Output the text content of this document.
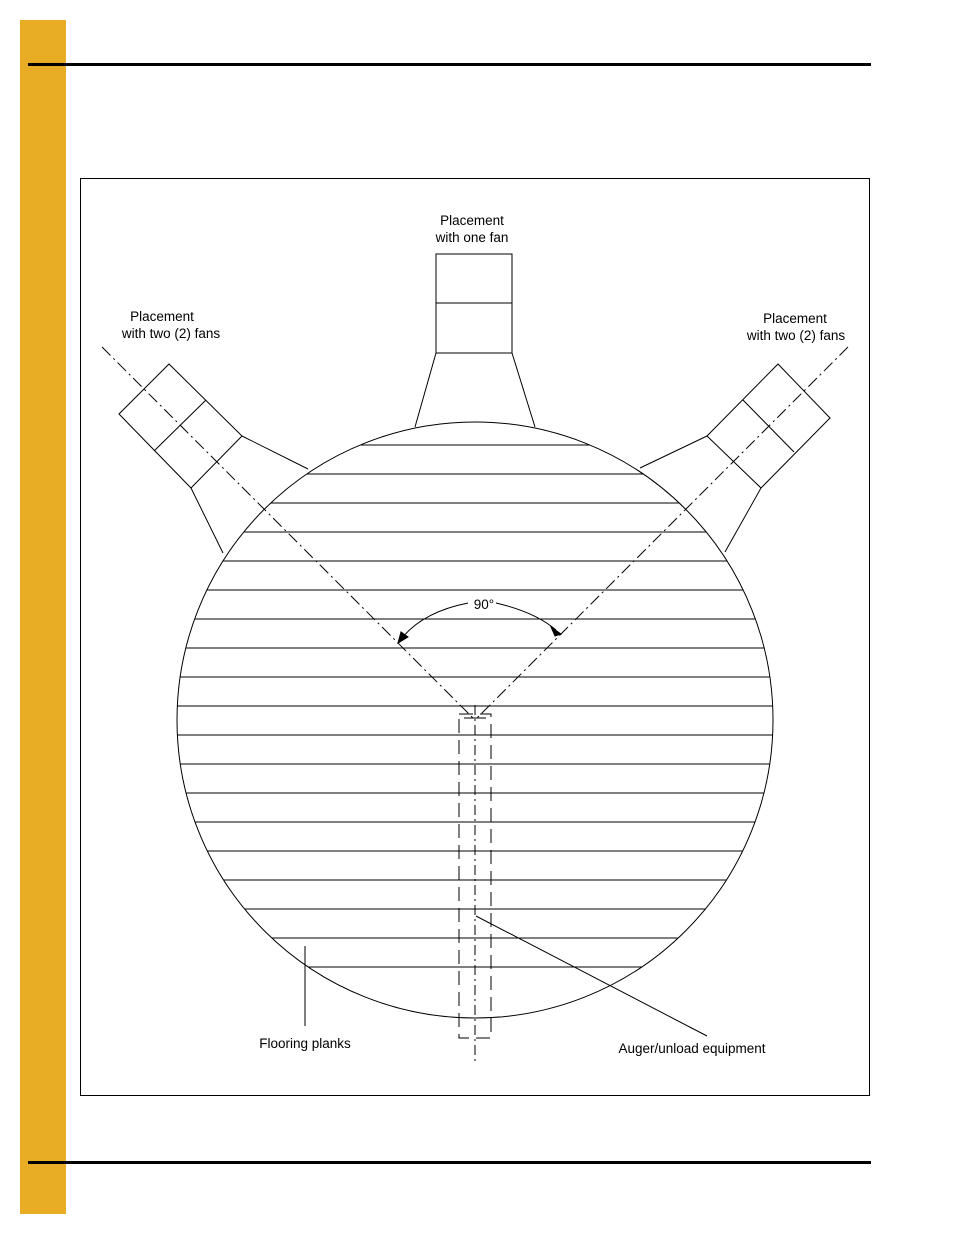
Placement
with one fan
Placement
with two (2) fans
Placement
with two (2) fans
90°
Flooring planks	Auger/unload equipment
